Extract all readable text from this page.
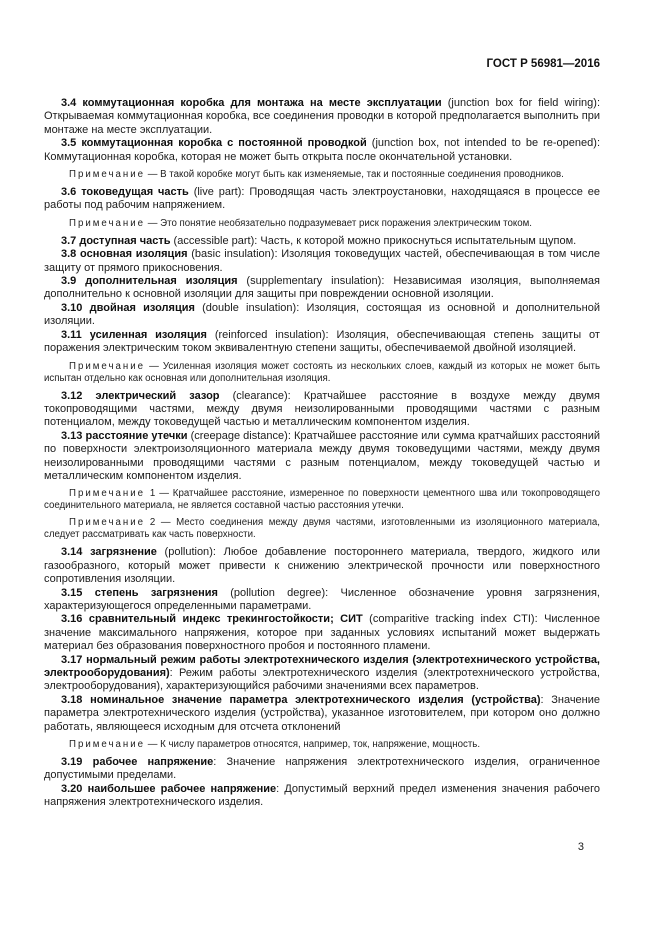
ГОСТ Р 56981—2016

3.4 коммутационная коробка для монтажа на месте эксплуатации (junction box for field wiring): Открываемая коммутационная коробка, все соединения проводки в которой предполагается выполнить при монтаже на месте эксплуатации.

3.5 коммутационная коробка с постоянной проводкой (junction box, not intended to be re-opened): Коммутационная коробка, которая не может быть открыта после окончательной установки.

Примечание — В такой коробке могут быть как изменяемые, так и постоянные соединения проводников.

3.6 токоведущая часть (live part): Проводящая часть электроустановки, находящаяся в процессе ее работы под рабочим напряжением.

Примечание — Это понятие необязательно подразумевает риск поражения электрическим током.

3.7 доступная часть (accessible part): Часть, к которой можно прикоснуться испытательным щупом.

3.8 основная изоляция (basic insulation): Изоляция токоведущих частей, обеспечивающая в том числе защиту от прямого прикосновения.

3.9 дополнительная изоляция (supplementary insulation): Независимая изоляция, выполняемая дополнительно к основной изоляции для защиты при повреждении основной изоляции.

3.10 двойная изоляция (double insulation): Изоляция, состоящая из основной и дополнительной изоляции.

3.11 усиленная изоляция (reinforced insulation): Изоляция, обеспечивающая степень защиты от поражения электрическим током эквивалентную степени защиты, обеспечиваемой двойной изоляцией.

Примечание — Усиленная изоляция может состоять из нескольких слоев, каждый из которых не может быть испытан отдельно как основная или дополнительная изоляция.

3.12 электрический зазор (clearance): Кратчайшее расстояние в воздухе между двумя токопроводящими частями, между двумя неизолированными проводящими частями с разным потенциалом, между токоведущей частью и металлическим компонентом изделия.

3.13 расстояние утечки (creepage distance): Кратчайшее расстояние или сумма кратчайших расстояний по поверхности электроизоляционного материала между двумя токоведущими частями, между двумя неизолированными проводящими частями с разным потенциалом, между токоведущей частью и металлическим компонентом изделия.

Примечание  1 — Кратчайшее расстояние, измеренное по поверхности цементного шва или токопроводящего соединительного материала, не является составной частью расстояния утечки.

Примечание  2 — Место соединения между двумя частями, изготовленными из изоляционного материала, следует рассматривать как часть поверхности.

3.14 загрязнение (pollution): Любое добавление постороннего материала, твердого, жидкого или газообразного, который может привести к снижению электрической прочности или поверхностного сопротивления изоляции.

3.15 степень загрязнения (pollution degree): Численное обозначение уровня загрязнения, характеризующегося определенными параметрами.

3.16 сравнительный индекс трекингостойкости; СИТ (comparitive tracking index CTI): Численное значение максимального напряжения, которое при заданных условиях испытаний может выдержать материал без образования поверхностного пробоя и постоянного пламени.

3.17 нормальный режим работы электротехнического изделия (электротехнического устройства, электрооборудования): Режим работы электротехнического изделия (электротехнического устройства, электрооборудования), характеризующийся рабочими значениями всех параметров.

3.18 номинальное значение параметра электротехнического изделия (устройства): Значение параметра электротехнического изделия (устройства), указанное изготовителем, при котором оно должно работать, являющееся исходным для отсчета отклонений

Примечание — К числу параметров относятся, например, ток, напряжение, мощность.

3.19 рабочее напряжение: Значение напряжения электротехнического изделия, ограниченное допустимыми пределами.

3.20 наибольшее рабочее напряжение: Допустимый верхний предел изменения значения рабочего напряжения электротехнического изделия.

3
